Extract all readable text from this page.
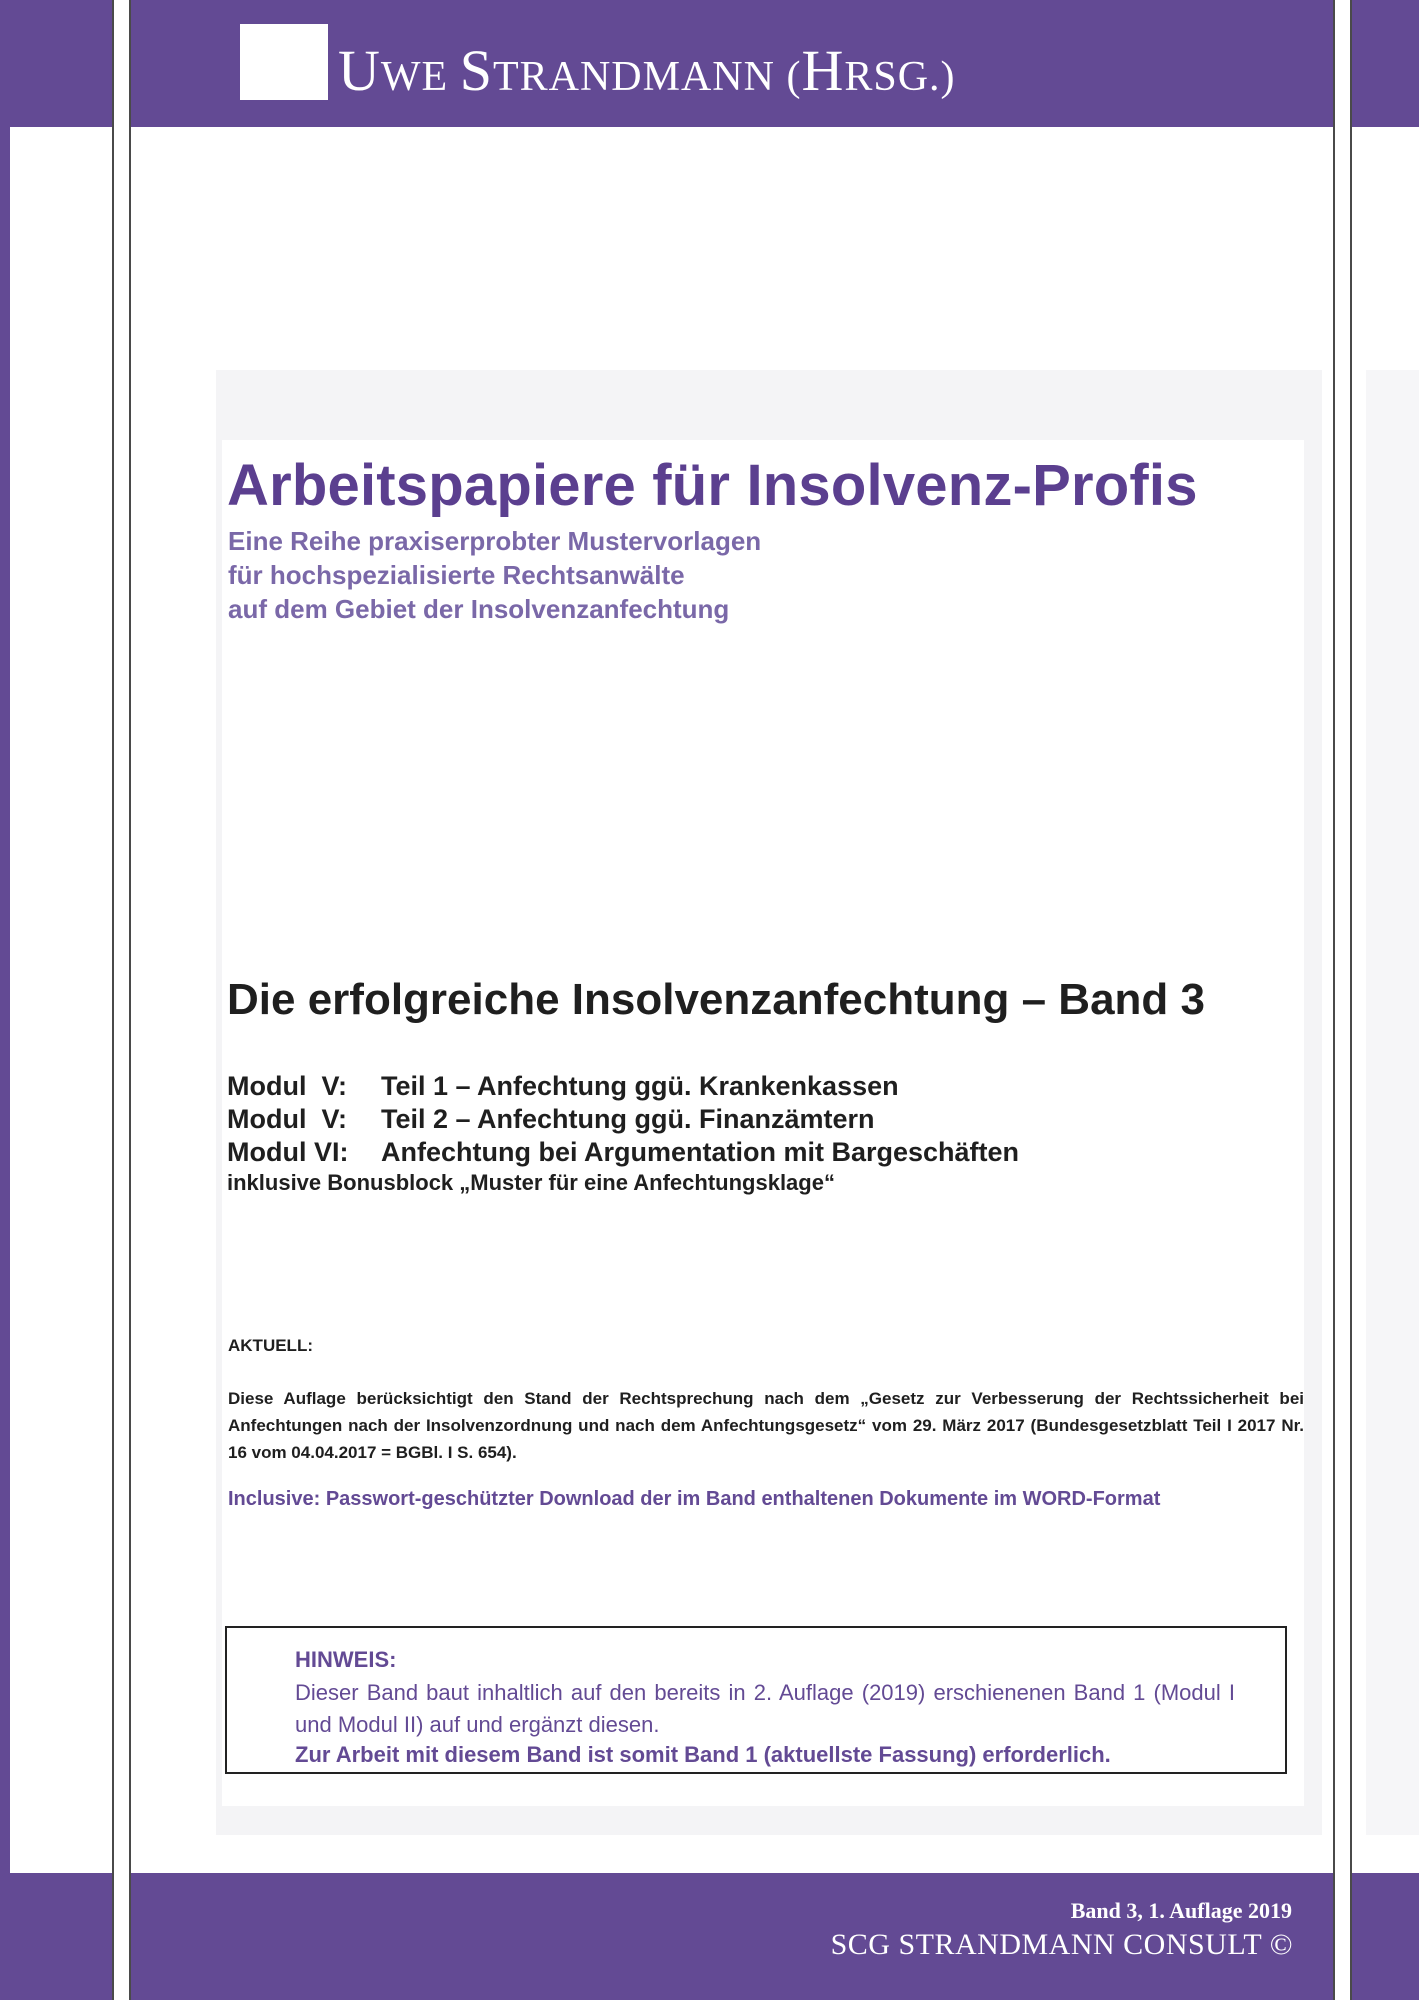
UWE STRANDMANN (HRSG.)
Arbeitspapiere für Insolvenz-Profis
Eine Reihe praxiserprobter Mustervorlagen
für hochspezialisierte Rechtsanwälte
auf dem Gebiet der Insolvenzanfechtung
Die erfolgreiche Insolvenzanfechtung – Band 3
Modul  V:	Teil 1 – Anfechtung ggü. Krankenkassen
Modul  V:	Teil 2 – Anfechtung ggü. Finanzämtern
Modul VI:	Anfechtung bei Argumentation mit Bargeschäften
inklusive Bonusblock „Muster für eine Anfechtungsklage“
AKTUELL:
Diese Auflage berücksichtigt den Stand der Rechtsprechung nach dem „Gesetz zur Verbesserung der Rechtssicherheit bei Anfechtungen nach der Insolvenzordnung und nach dem Anfechtungsgesetz“ vom 29. März 2017 (Bundesgesetzblatt Teil I 2017 Nr. 16 vom 04.04.2017 = BGBl. I S. 654).
Inclusive: Passwort-geschützter Download der im Band enthaltenen Dokumente im WORD-Format
HINWEIS:
Dieser Band baut inhaltlich auf den bereits in 2. Auflage (2019) erschienenen Band 1 (Modul I und Modul II) auf und ergänzt diesen.
Zur Arbeit mit diesem Band ist somit Band 1 (aktuellste Fassung) erforderlich.
Band 3, 1. Auflage 2019
SCG STRANDMANN CONSULT ©
